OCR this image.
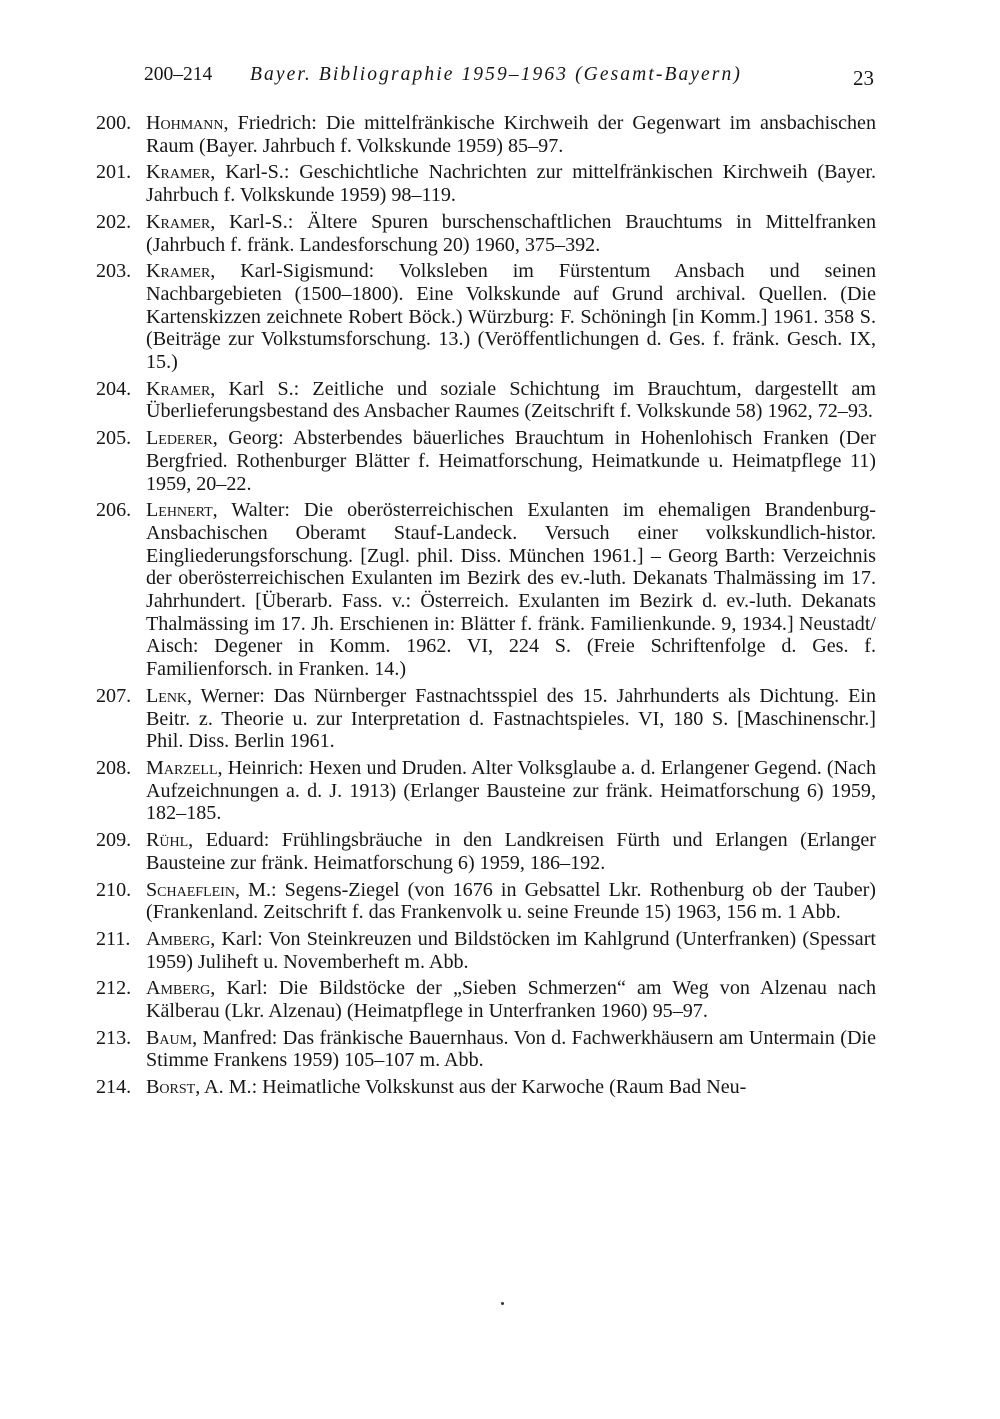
200–214 Bayer. Bibliographie 1959–1963 (Gesamt-Bayern)	23
200. Hohmann, Friedrich: Die mittelfränkische Kirchweih der Gegenwart im ansbachischen Raum (Bayer. Jahrbuch f. Volkskunde 1959) 85–97.
201. Kramer, Karl-S.: Geschichtliche Nachrichten zur mittelfränkischen Kirchweih (Bayer. Jahrbuch f. Volkskunde 1959) 98–119.
202. Kramer, Karl-S.: Ältere Spuren burschenschaftlichen Brauchtums in Mittelfranken (Jahrbuch f. fränk. Landesforschung 20) 1960, 375–392.
203. Kramer, Karl-Sigismund: Volksleben im Fürstentum Ansbach und seinen Nachbargebieten (1500–1800). Eine Volkskunde auf Grund archival. Quellen. (Die Kartenskizzen zeichnete Robert Böck.) Würzburg: F. Schöningh [in Komm.] 1961. 358 S. (Beiträge zur Volkstumsforschung. 13.) (Veröffentlichungen d. Ges. f. fränk. Gesch. IX, 15.)
204. Kramer, Karl S.: Zeitliche und soziale Schichtung im Brauchtum, dargestellt am Überlieferungsbestand des Ansbacher Raumes (Zeitschrift f. Volkskunde 58) 1962, 72–93.
205. Lederer, Georg: Absterbendes bäuerliches Brauchtum in Hohenlohisch Franken (Der Bergfried. Rothenburger Blätter f. Heimatforschung, Heimatkunde u. Heimatpflege 11) 1959, 20–22.
206. Lehnert, Walter: Die oberösterreichischen Exulanten im ehemaligen Brandenburg-Ansbachischen Oberamt Stauf-Landeck. Versuch einer volkskundlich-histor. Eingliederungsforschung. [Zugl. phil. Diss. München 1961.] – Georg Barth: Verzeichnis der oberösterreichischen Exulanten im Bezirk des ev.-luth. Dekanats Thalmässing im 17. Jahrhundert. [Überarb. Fass. v.: Österreich. Exulanten im Bezirk d. ev.-luth. Dekanats Thalmässing im 17. Jh. Erschienen in: Blätter f. fränk. Familienkunde. 9, 1934.] Neustadt/ Aisch: Degener in Komm. 1962. VI, 224 S. (Freie Schriftenfolge d. Ges. f. Familienforsch. in Franken. 14.)
207. Lenk, Werner: Das Nürnberger Fastnachtsspiel des 15. Jahrhunderts als Dichtung. Ein Beitr. z. Theorie u. zur Interpretation d. Fastnachtspieles. VI, 180 S. [Maschinenschr.] Phil. Diss. Berlin 1961.
208. Marzell, Heinrich: Hexen und Druden. Alter Volksglaube a. d. Erlangener Gegend. (Nach Aufzeichnungen a. d. J. 1913) (Erlanger Bausteine zur fränk. Heimatforschung 6) 1959, 182–185.
209. Rühl, Eduard: Frühlingsbräuche in den Landkreisen Fürth und Erlangen (Erlanger Bausteine zur fränk. Heimatforschung 6) 1959, 186–192.
210. Schaeflein, M.: Segens-Ziegel (von 1676 in Gebsattel Lkr. Rothenburg ob der Tauber) (Frankenland. Zeitschrift f. das Frankenvolk u. seine Freunde 15) 1963, 156 m. 1 Abb.
211. Amberg, Karl: Von Steinkreuzen und Bildstöcken im Kahlgrund (Unterfranken) (Spessart 1959) Juliheft u. Novemberheft m. Abb.
212. Amberg, Karl: Die Bildstöcke der „Sieben Schmerzen“ am Weg von Alzenau nach Kälberau (Lkr. Alzenau) (Heimatpflege in Unterfranken 1960) 95–97.
213. Baum, Manfred: Das fränkische Bauernhaus. Von d. Fachwerkhäusern am Untermain (Die Stimme Frankens 1959) 105–107 m. Abb.
214. Borst, A. M.: Heimatliche Volkskunst aus der Karwoche (Raum Bad Neu-
